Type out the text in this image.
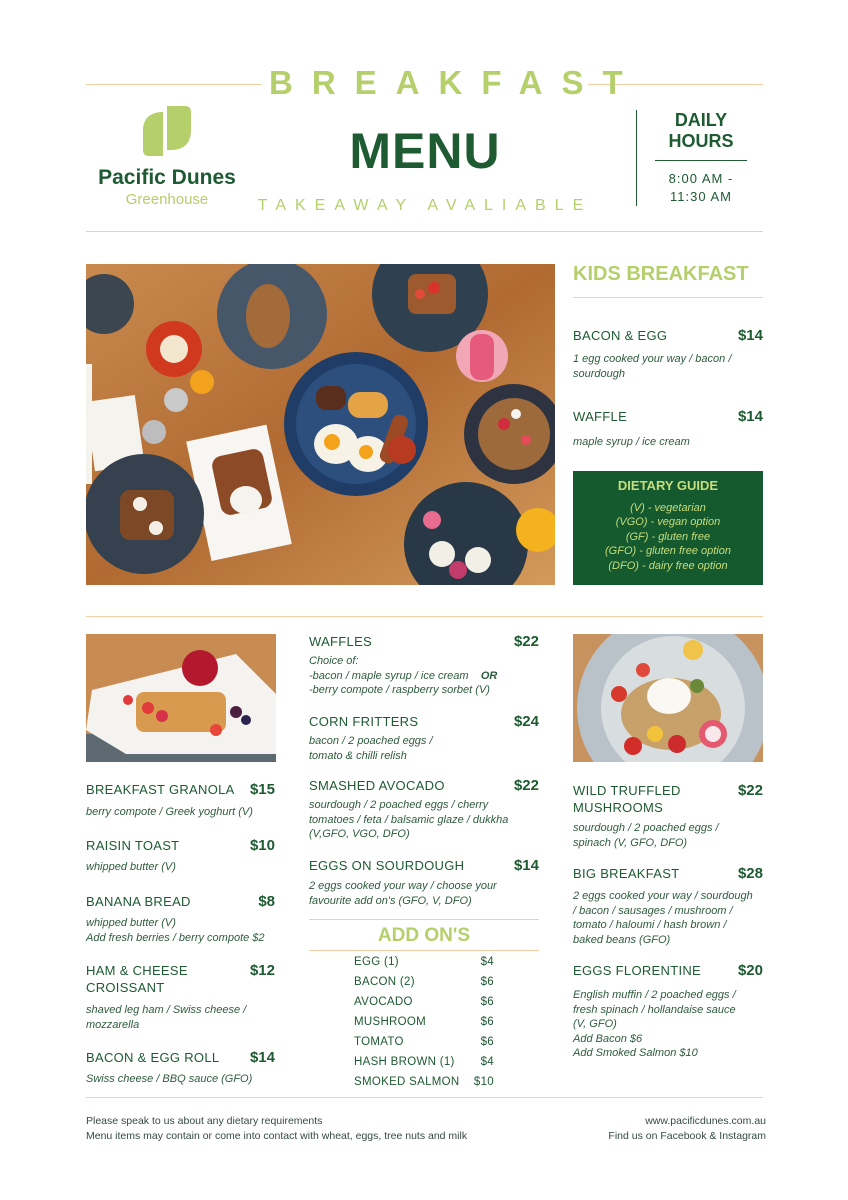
BREAKFAST
Pacific Dunes
Greenhouse
MENU
TAKEAWAY AVALIABLE
DAILY
HOURS
8:00 AM -
11:30 AM
KIDS BREAKFAST
BACON & EGG	$14
1 egg cooked your way / bacon /
sourdough
WAFFLE	$14
maple syrup / ice cream
DIETARY GUIDE
(V) - vegetarian
(VGO) - vegan option
(GF) - gluten free
(GFO) - gluten free option
(DFO) - dairy free option
BREAKFAST GRANOLA	$15
berry compote / Greek yoghurt (V)
RAISIN TOAST	$10
whipped butter (V)
BANANA BREAD	$8
whipped butter (V)
Add fresh berries / berry compote $2
HAM & CHEESE
CROISSANT
$12
shaved leg ham / Swiss cheese /
mozzarella
BACON & EGG ROLL	$14
Swiss cheese / BBQ sauce (GFO)
WAFFLES	$22
Choice of:
-bacon / maple syrup / ice cream OR
-berry compote / raspberry sorbet (V)
CORN FRITTERS	$24
bacon / 2 poached eggs /
tomato & chilli relish
SMASHED AVOCADO	$22
sourdough / 2 poached eggs / cherry
tomatoes / feta / balsamic glaze / dukkha
(V,GFO, VGO, DFO)
EGGS ON SOURDOUGH	$14
2 eggs cooked your way / choose your
favourite add on's (GFO, V, DFO)
ADD ON'S
EGG (1)	$4
BACON (2)	$6
AVOCADO	$6
MUSHROOM	$6
TOMATO	$6
HASH BROWN (1) $4
SMOKED SALMON $10
WILD TRUFFLED
MUSHROOMS
$22
sourdough / 2 poached eggs /
spinach (V, GFO, DFO)
BIG BREAKFAST	$28
2 eggs cooked your way / sourdough
/ bacon / sausages / mushroom /
tomato / haloumi / hash brown /
baked beans (GFO)
EGGS FLORENTINE	$20
English muffin / 2 poached eggs /
fresh spinach / hollandaise sauce
(V, GFO)
Add Bacon $6
Add Smoked Salmon $10
Please speak to us about any dietary requirements
Menu items may contain or come into contact with wheat, eggs, tree nuts and milk
www.pacificdunes.com.au
Find us on Facebook & Instagram
